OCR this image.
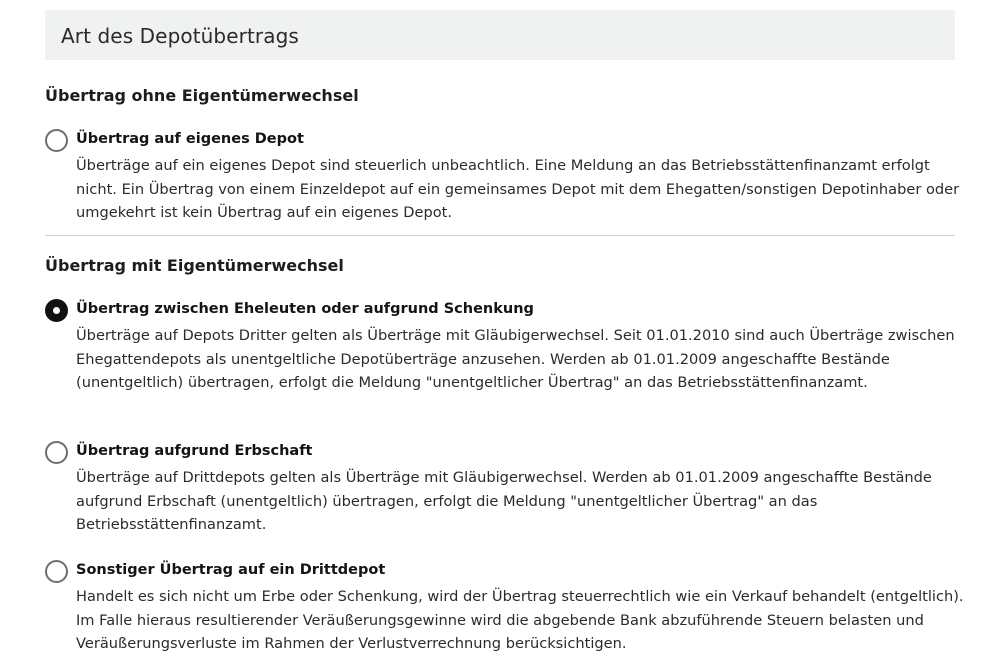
Art des Depotübertrags
Übertrag ohne Eigentümerwechsel
Übertrag auf eigenes Depot
Überträge auf ein eigenes Depot sind steuerlich unbeachtlich. Eine Meldung an das Betriebsstättenfinanzamt erfolgt nicht. Ein Übertrag von einem Einzeldepot auf ein gemeinsames Depot mit dem Ehegatten/sonstigen Depotinhaber oder umgekehrt ist kein Übertrag auf ein eigenes Depot.
Übertrag mit Eigentümerwechsel
Übertrag zwischen Eheleuten oder aufgrund Schenkung
Überträge auf Depots Dritter gelten als Überträge mit Gläubigerwechsel. Seit 01.01.2010 sind auch Überträge zwischen Ehegattendepots als unentgeltliche Depotüberträge anzusehen. Werden ab 01.01.2009 angeschaffte Bestände (unentgeltlich) übertragen, erfolgt die Meldung "unentgeltlicher Übertrag" an das Betriebsstättenfinanzamt.
Übertrag aufgrund Erbschaft
Überträge auf Drittdepots gelten als Überträge mit Gläubigerwechsel. Werden ab 01.01.2009 angeschaffte Bestände aufgrund Erbschaft (unentgeltlich) übertragen, erfolgt die Meldung "unentgeltlicher Übertrag" an das Betriebsstättenfinanzamt.
Sonstiger Übertrag auf ein Drittdepot
Handelt es sich nicht um Erbe oder Schenkung, wird der Übertrag steuerrechtlich wie ein Verkauf behandelt (entgeltlich). Im Falle hieraus resultierender Veräußerungsgewinne wird die abgebende Bank abzuführende Steuern belasten und Veräußerungsverluste im Rahmen der Verlustverrechnung berücksichtigen.
